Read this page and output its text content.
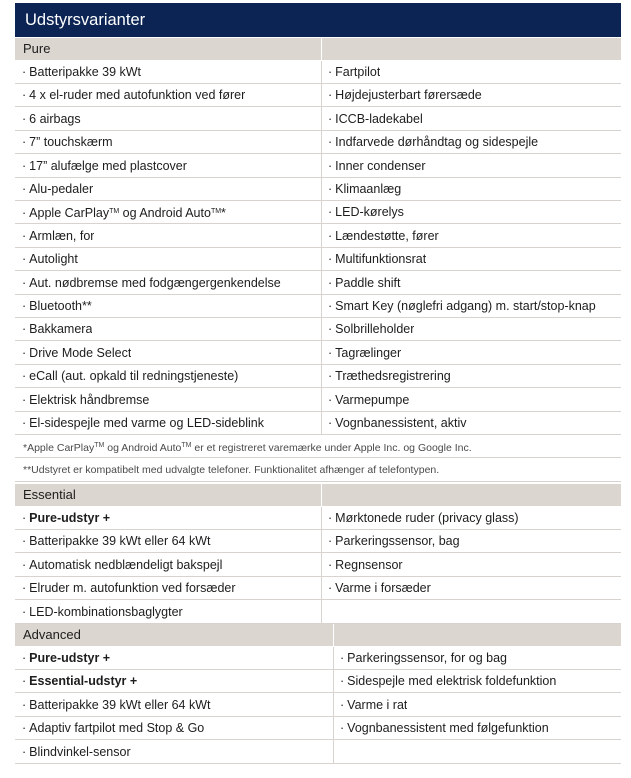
Udstyrsvarianter
Pure
· Batteripakke 39 kWt	· Fartpilot
· 4 x el-ruder med autofunktion ved fører	· Højdejusterbart førersæde
· 6 airbags	· ICCB-ladekabel
· 7” touchskærm	· Indfarvede dørhåndtag og sidespejle
· 17” alufælge med plastcover	· Inner condenser
· Alu-pedaler	· Klimaanlæg
· Apple CarPlay™ og Android Auto™*	· LED-kørelys
· Armlæn, for	· Lændestøtte, fører
· Autolight	· Multifunktionsrat
· Aut. nødbremse med fodgængergenkendelse	· Paddle shift
· Bluetooth**	· Smart Key (nøglefri adgang) m. start/stop-knap
· Bakkamera	· Solbrilleholder
· Drive Mode Select	· Tagrælinger
· eCall (aut. opkald til redningstjeneste)	· Træthedsregistrering
· Elektrisk håndbremse	· Varmepumpe
· El-sidespejle med varme og LED-sideblink	· Vognbanessistent, aktiv
*Apple CarPlay™ og Android Auto™ er et registreret varemærke under Apple Inc. og Google Inc.
**Udstyret er kompatibelt med udvalgte telefoner. Funktionalitet afhænger af telefontypen.
Essential
· Pure-udstyr +	· Mørktonede ruder (privacy glass)
· Batteripakke 39 kWt eller 64 kWt	· Parkeringssensor, bag
· Automatisk nedblændeligt bakspejl	· Regnsensor
· Elruder m. autofunktion ved forsæder	· Varme i forsæder
· LED-kombinationsbaglygter
Advanced
· Pure-udstyr +	· Parkeringssensor, for og bag
· Essential-udstyr +	· Sidespejle med elektrisk foldefunktion
· Batteripakke 39 kWt eller 64 kWt	· Varme i rat
· Adaptiv fartpilot med Stop & Go	· Vognbanessistent med følgefunktion
· Blindvinkel-sensor
